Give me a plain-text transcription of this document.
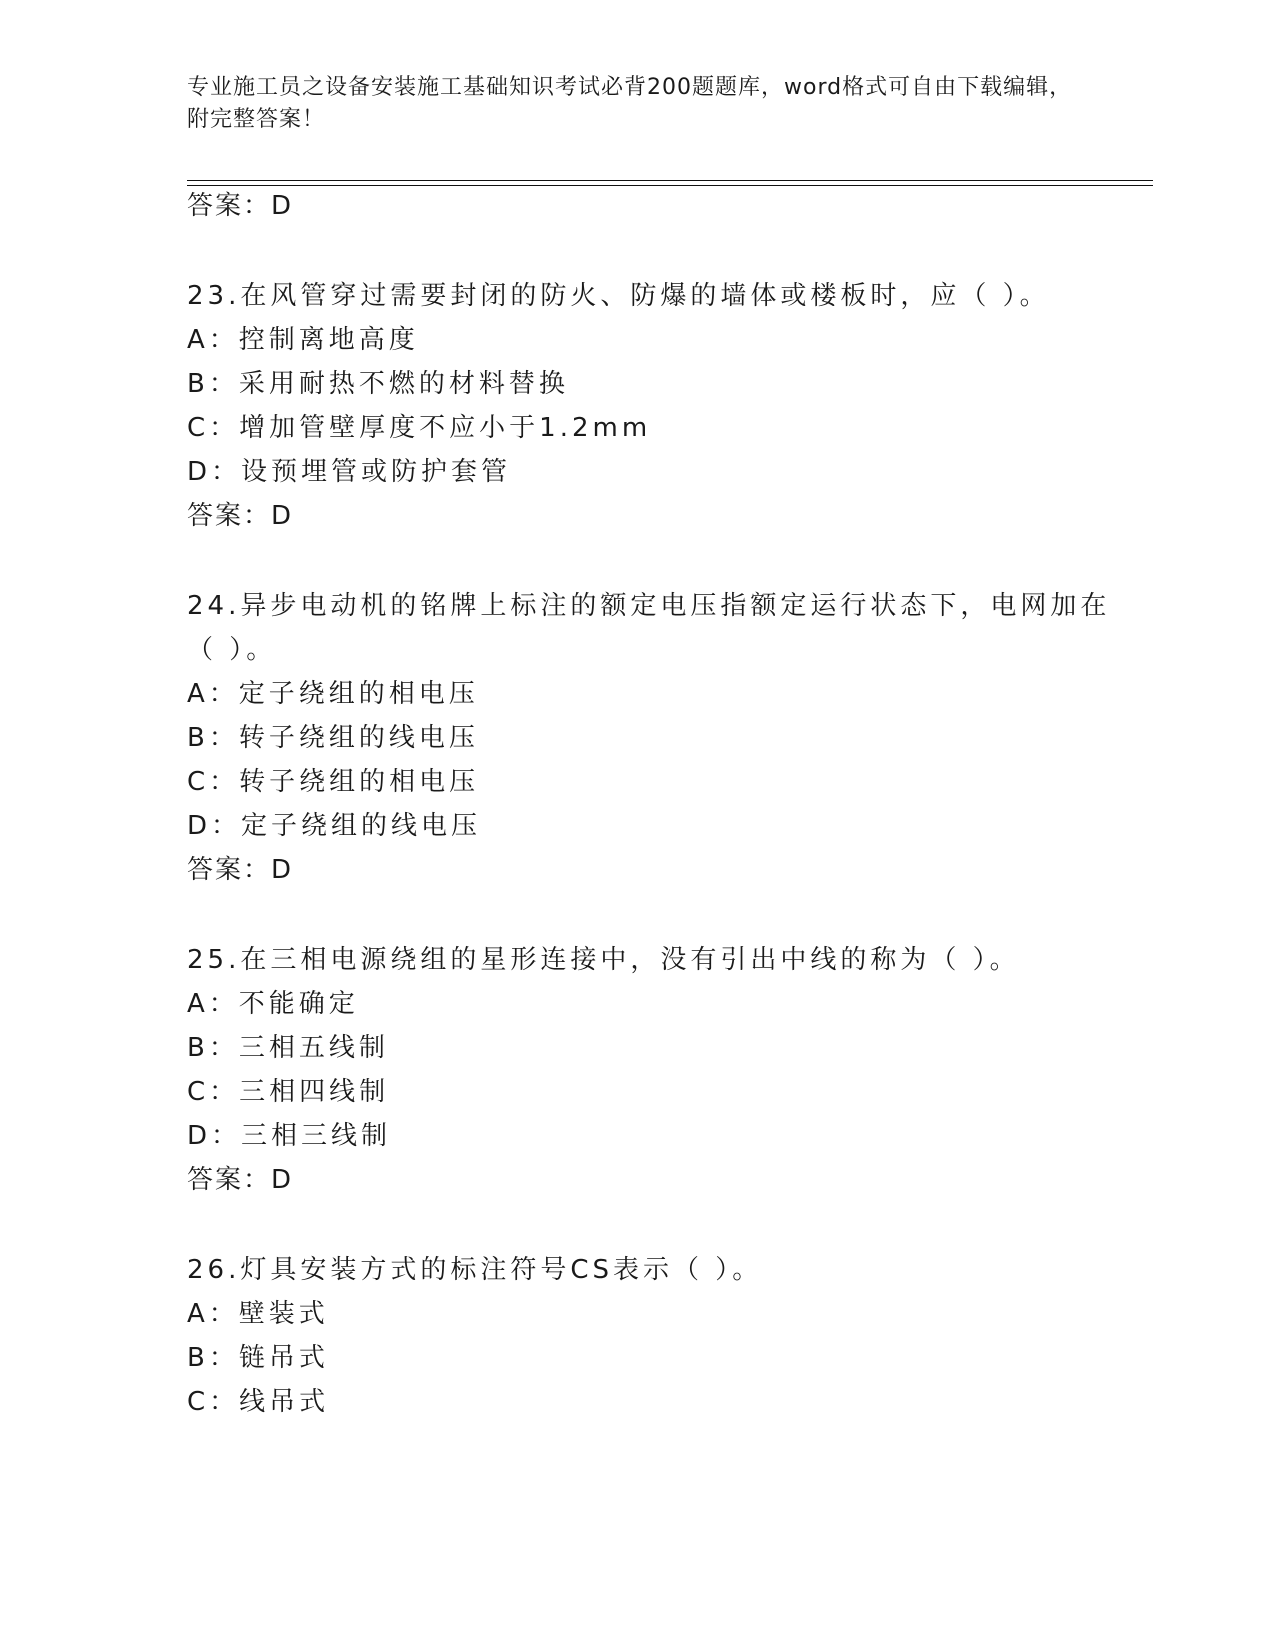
专业施工员之设备安装施工基础知识考试必背200题题库，word格式可自由下载编辑，附完整答案！
答案：D
23.在风管穿过需要封闭的防火、防爆的墙体或楼板时，应（ ）。
A：控制离地高度
B：采用耐热不燃的材料替换
C：增加管壁厚度不应小于1.2mm
D：设预埋管或防护套管
答案：D
24.异步电动机的铭牌上标注的额定电压指额定运行状态下，电网加在
（ ）。
A：定子绕组的相电压
B：转子绕组的线电压
C：转子绕组的相电压
D：定子绕组的线电压
答案：D
25.在三相电源绕组的星形连接中，没有引出中线的称为（ ）。
A：不能确定
B：三相五线制
C：三相四线制
D：三相三线制
答案：D
26.灯具安装方式的标注符号CS表示（ ）。
A：壁装式
B：链吊式
C：线吊式
